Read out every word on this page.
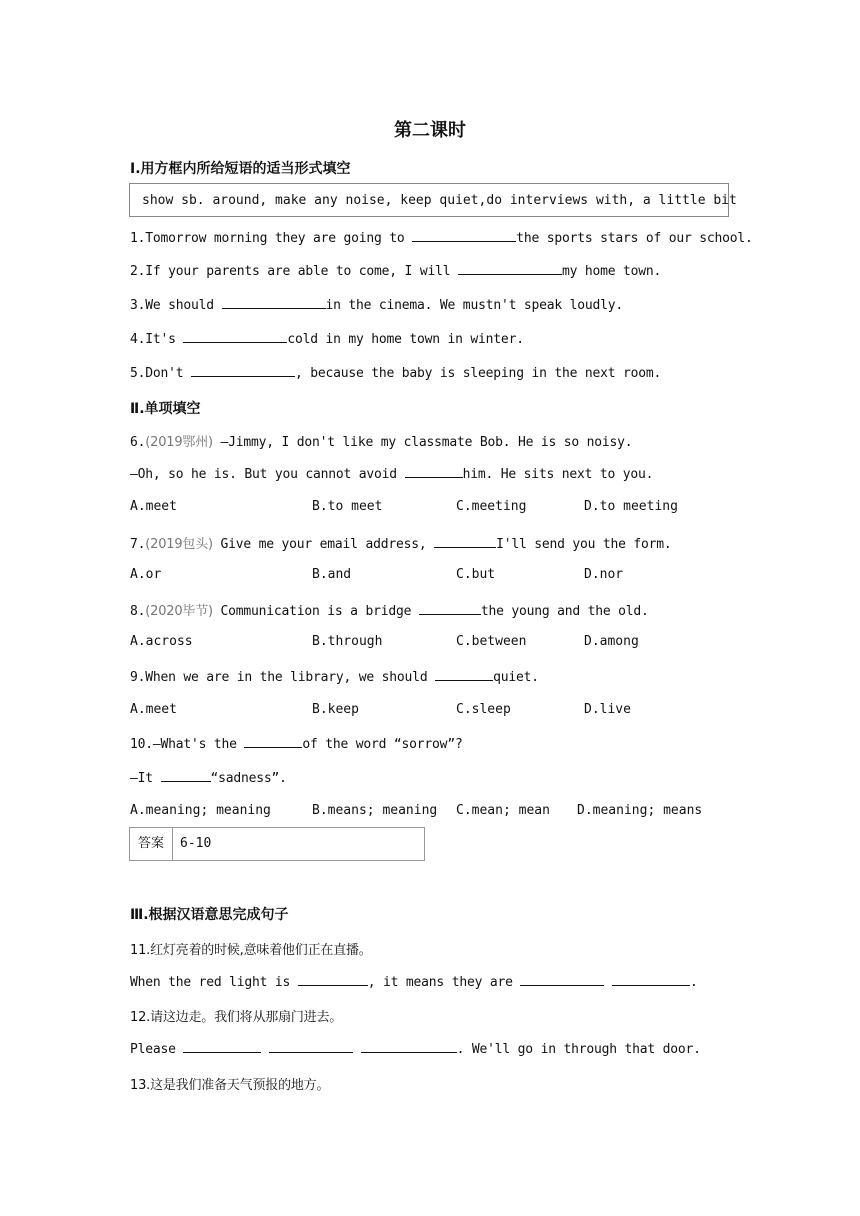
第二课时
Ⅰ.用方框内所给短语的适当形式填空
show sb. around, make any noise, keep quiet,do interviews with, a little bit
1.Tomorrow morning they are going to	the sports stars of our school.
2.If your parents are able to come, I will	my home town.
3.We should	in the cinema. We mustn't speak loudly.
4.It's	cold in my home town in winter.
5.Don't	, because the baby is sleeping in the next room.
Ⅱ.单项填空
6.(2019鄂州) —Jimmy, I don't like my classmate Bob. He is so noisy.
—Oh, so he is. But you cannot avoid	him. He sits next to you.
A.meet	B.to meet	C.meeting	D.to meeting
7.(2019包头) Give me your email address,	I'll send you the form.
A.or	B.and	C.but	D.nor
8.(2020毕节) Communication is a bridge	the young and the old.
A.across	B.through	C.between	D.among
9.When we are in the library, we should	quiet.
A.meet	B.keep	C.sleep	D.live
10.—What's the	of the word “sorrow”?
—It	“sadness”.
A.meaning; meaning	B.means; meaning C.mean; mean D.meaning; means
答案	6-10
Ⅲ.根据汉语意思完成句子
11.红灯亮着的时候,意味着他们正在直播。
When the red light is	, it means they are	.
12.请这边走。我们将从那扇门进去。
Please	. We'll go in through that door.
13.这是我们准备天气预报的地方。
